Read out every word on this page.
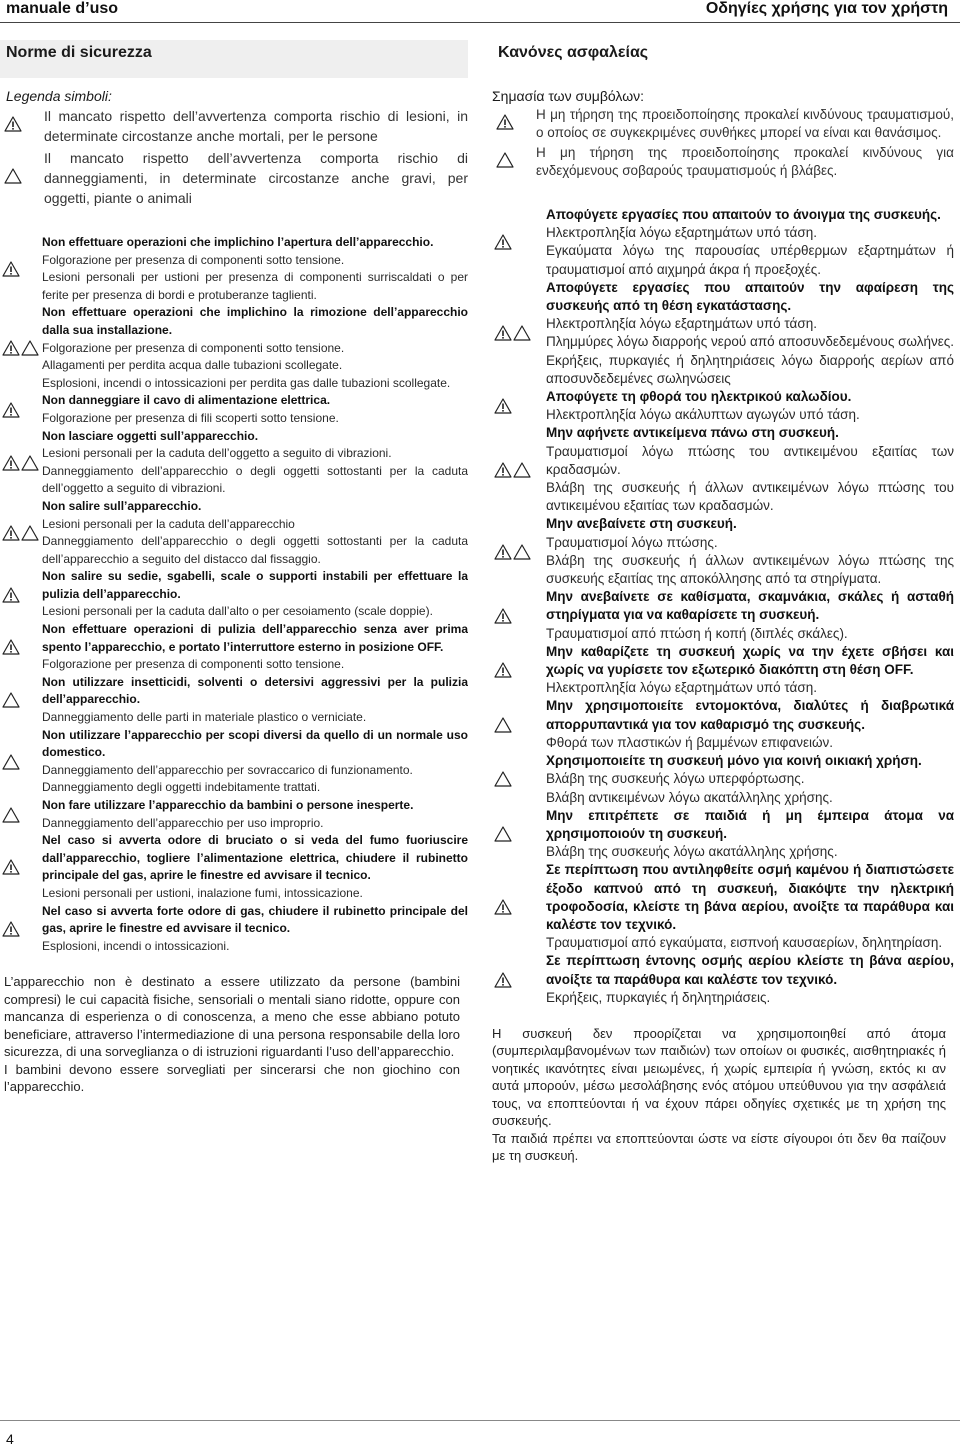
manuale d’uso	Οδηγίες χρήσης για τον χρήστη
Norme di sicurezza
Legenda simboli:
Il mancato rispetto dell’avvertenza comporta rischio di lesioni, in determinate circostanze anche mortali, per le persone
Il mancato rispetto dell’avvertenza comporta rischio di danneggiamenti, in determinate circostanze anche gravi, per oggetti, piante o animali
Non effettuare operazioni che implichino l’apertura dell’apparecchio.
Folgorazione per presenza di componenti sotto tensione.
Lesioni personali per ustioni per presenza di componenti surriscaldati o per ferite per presenza di bordi e protuberanze taglienti.
Non effettuare operazioni che implichino la rimozione dell’apparecchio dalla sua installazione.
Folgorazione per presenza di componenti sotto tensione.
Allagamenti per perdita acqua dalle tubazioni scollegate.
Esplosioni, incendi o intossicazioni per perdita gas dalle tubazioni scollegate.
Non danneggiare il cavo di alimentazione elettrica.
Folgorazione per presenza di fili scoperti sotto tensione.
Non lasciare oggetti sull’apparecchio.
Lesioni personali per la caduta dell’oggetto a seguito di vibrazioni.
Danneggiamento dell’apparecchio o degli oggetti sottostanti per la caduta dell’oggetto a seguito di vibrazioni.
Non salire sull’apparecchio.
Lesioni personali per la caduta dell’apparecchio
Danneggiamento dell’apparecchio o degli oggetti sottostanti per la caduta dell’apparecchio a seguito del distacco dal fissaggio.
Non salire su sedie, sgabelli, scale o supporti instabili per effettuare la pulizia dell’apparecchio.
Lesioni personali per la caduta dall’alto o per cesoiamento (scale doppie).
Non effettuare operazioni di pulizia dell’apparecchio senza aver prima spento l’apparecchio, e portato l’interruttore esterno in posizione OFF.
Folgorazione per presenza di componenti sotto tensione.
Non utilizzare insetticidi, solventi o detersivi aggressivi per la pulizia dell’apparecchio.
Danneggiamento delle parti in materiale plastico o verniciate.
Non utilizzare l’apparecchio per scopi diversi da quello di un normale uso domestico.
Danneggiamento dell’apparecchio per sovraccarico di funzionamento.
Danneggiamento degli oggetti indebitamente trattati.
Non fare utilizzare l’apparecchio da bambini o persone inesperte.
Danneggiamento dell’apparecchio per uso improprio.
Nel caso si avverta odore di bruciato o si veda del fumo fuoriuscire dall’apparecchio, togliere l’alimentazione elettrica, chiudere il rubinetto principale del gas, aprire le finestre ed avvisare il tecnico.
Lesioni personali per ustioni, inalazione fumi, intossicazione.
Nel caso si avverta forte odore di gas, chiudere il rubinetto principale del gas, aprire le finestre ed avvisare il tecnico.
Esplosioni, incendi o intossicazioni.

L’apparecchio non è destinato a essere utilizzato da persone (bambini compresi) le cui capacità fisiche, sensoriali o mentali siano ridotte, oppure con mancanza di esperienza o di conoscenza, a meno che esse abbiano potuto beneficiare, attraverso l’intermediazione di una persona responsabile della loro sicurezza, di una sorveglianza o di istruzioni riguardanti l’uso dell’apparecchio.

I bambini devono essere sorvegliati per sincerarsi che non giochino con l’apparecchio.

Κανόνες ασφαλείας
Σημασία των συμβόλων:
Η μη τήρηση της προειδοποίησης προκαλεί κινδύνους τραυματισμού, ο οποίος σε συγκεκριμένες συνθήκες μπορεί να είναι και θανάσιμος.
Η μη τήρηση της προειδοποίησης προκαλεί κινδύνους για ενδεχόμενους σοβαρούς τραυματισμούς ή βλάβες.
Αποφύγετε εργασίες που απαιτούν το άνοιγμα της συσκευής.
Ηλεκτροπληξία λόγω εξαρτημάτων υπό τάση.
Εγκαύματα λόγω της παρουσίας υπέρθερμων εξαρτημάτων ή τραυματισμοί από αιχμηρά άκρα ή προεξοχές.
Αποφύγετε εργασίες που απαιτούν την αφαίρεση της συσκευής από τη θέση εγκατάστασης.
Ηλεκτροπληξία λόγω εξαρτημάτων υπό τάση.
Πλημμύρες λόγω διαρροής νερού από αποσυνδεδεμένους σωλήνες.
Εκρήξεις, πυρκαγιές ή δηλητηριάσεις λόγω διαρροής αερίων από αποσυνδεδεμένες σωληνώσεις
Αποφύγετε τη φθορά του ηλεκτρικού καλωδίου.
Ηλεκτροπληξία λόγω ακάλυπτων αγωγών υπό τάση.
Μην αφήνετε αντικείμενα πάνω στη συσκευή.
Τραυματισμοί λόγω πτώσης του αντικειμένου εξαιτίας των κραδασμών.
Βλάβη της συσκευής ή άλλων αντικειμένων λόγω πτώσης του αντικειμένου εξαιτίας των κραδασμών.
Μην ανεβαίνετε στη συσκευή.
Τραυματισμοί λόγω πτώσης.
Βλάβη της συσκευής ή άλλων αντικειμένων λόγω πτώσης της συσκευής εξαιτίας της αποκόλλησης από τα στηρίγματα.
Μην ανεβαίνετε σε καθίσματα, σκαμνάκια, σκάλες ή ασταθή στηρίγματα για να καθαρίσετε τη συσκευή.
Τραυματισμοί από πτώση ή κοπή (διπλές σκάλες).
Μην καθαρίζετε τη συσκευή χωρίς να την έχετε σβήσει και χωρίς να γυρίσετε τον εξωτερικό διακόπτη στη θέση OFF.
Ηλεκτροπληξία λόγω εξαρτημάτων υπό τάση.
Μην χρησιμοποιείτε εντομοκτόνα, διαλύτες ή διαβρωτικά απορρυπαντικά για τον καθαρισμό της συσκευής.
Φθορά των πλαστικών ή βαμμένων επιφανειών.
Χρησιμοποιείτε τη συσκευή μόνο για κοινή οικιακή χρήση.
Βλάβη της συσκευής λόγω υπερφόρτωσης.
Βλάβη αντικειμένων λόγω ακατάλληλης χρήσης.
Μην επιτρέπετε σε παιδιά ή μη έμπειρα άτομα να χρησιμοποιούν τη συσκευή.
Βλάβη της συσκευής λόγω ακατάλληλης χρήσης.
Σε περίπτωση που αντιληφθείτε οσμή καμένου ή διαπιστώσετε έξοδο καπνού από τη συσκευή, διακόψτε την ηλεκτρική τροφοδοσία, κλείστε τη βάνα αερίου, ανοίξτε τα παράθυρα και καλέστε τον τεχνικό.
Τραυματισμοί από εγκαύματα, εισπνοή καυσαερίων, δηλητηρίαση.
Σε περίπτωση έντονης οσμής αερίου κλείστε τη βάνα αερίου, ανοίξτε τα παράθυρα και καλέστε τον τεχνικό.
Εκρήξεις, πυρκαγιές ή δηλητηριάσεις.

Η συσκευή δεν προορίζεται να χρησιμοποιηθεί από άτομα (συμπεριλαμβανομένων των παιδιών) των οποίων οι φυσικές, αισθητηριακές ή νοητικές ικανότητες είναι μειωμένες, ή χωρίς εμπειρία ή γνώση, εκτός κι αν αυτά μπορούν, μέσω μεσολάβησης ενός ατόμου υπεύθυνου για την ασφάλειά τους, να εποπτεύονται ή να έχουν πάρει οδηγίες σχετικές με τη χρήση της συσκευής.

Τα παιδιά πρέπει να εποπτεύονται ώστε να είστε σίγουροι ότι δεν θα παίζουν με τη συσκευή.

4
